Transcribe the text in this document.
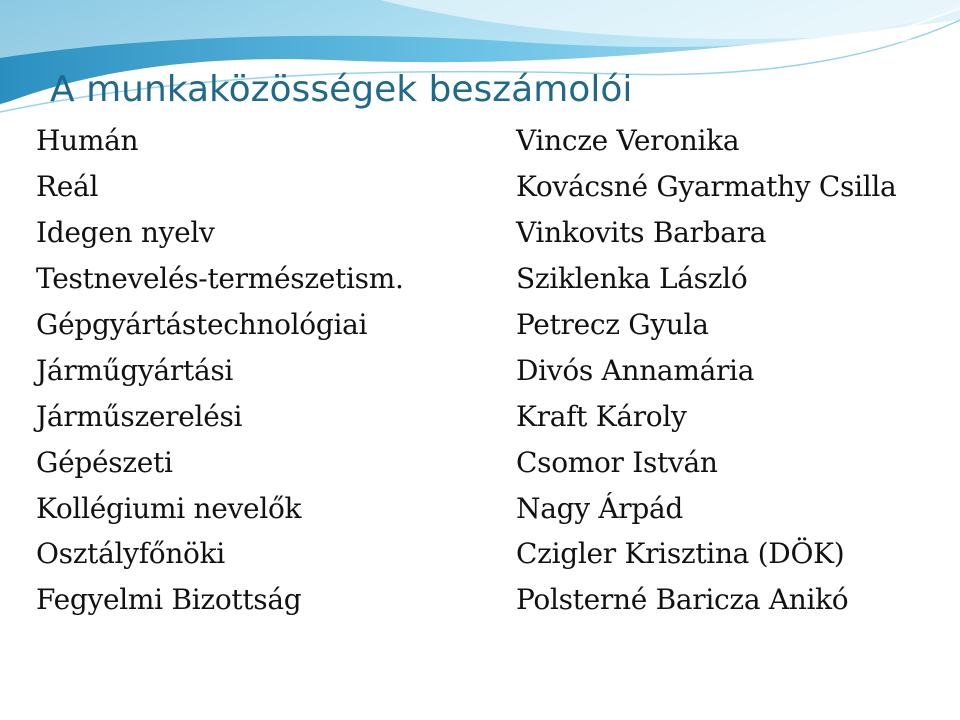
A munkaközösségek beszámolói
Humán	Vincze Veronika
Reál	Kovácsné Gyarmathy Csilla
Idegen nyelv	Vinkovits Barbara
Testnevelés-természetism.	Sziklenka László
Gépgyártástechnológiai	Petrecz Gyula
Járműgyártási	Divós Annamária
Járműszerelési	Kraft Károly
Gépészeti	Csomor István
Kollégiumi nevelők	Nagy Árpád
Osztályfőnöki	Czigler Krisztina (DÖK)
Fegyelmi Bizottság	Polsterné Baricza Anikó
